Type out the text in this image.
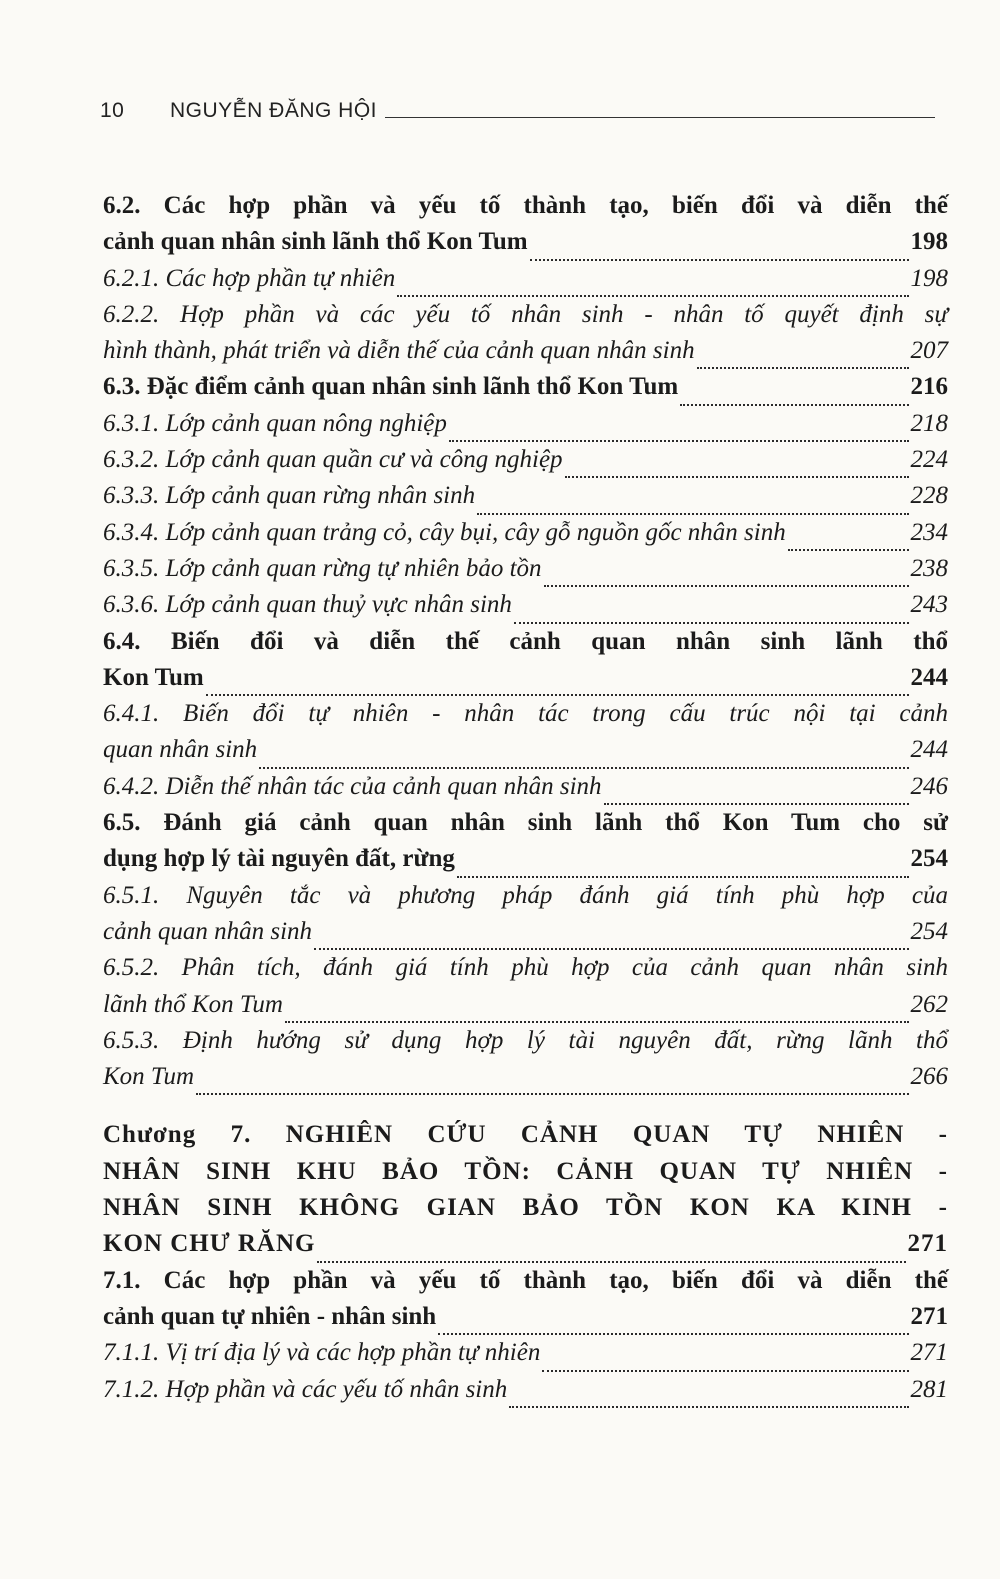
10	NGUYỄN ĐĂNG HỘI
6.2. Các hợp phần và yếu tố thành tạo, biến đổi và diễn thế
cảnh quan nhân sinh lãnh thổ Kon Tum	198
6.2.1. Các hợp phần tự nhiên	198
6.2.2. Hợp phần và các yếu tố nhân sinh - nhân tố quyết định sự
hình thành, phát triển và diễn thế của cảnh quan nhân sinh	207
6.3. Đặc điểm cảnh quan nhân sinh lãnh thổ Kon Tum	216
6.3.1. Lớp cảnh quan nông nghiệp	218
6.3.2. Lớp cảnh quan quần cư và công nghiệp	224
6.3.3. Lớp cảnh quan rừng nhân sinh	228
6.3.4. Lớp cảnh quan trảng cỏ, cây bụi, cây gỗ nguồn gốc nhân sinh	234
6.3.5. Lớp cảnh quan rừng tự nhiên bảo tồn	238
6.3.6. Lớp cảnh quan thuỷ vực nhân sinh	243
6.4. Biến đổi và diễn thế cảnh quan nhân sinh lãnh thổ
Kon Tum	244
6.4.1. Biến đổi tự nhiên - nhân tác trong cấu trúc nội tại cảnh
quan nhân sinh	244
6.4.2. Diễn thế nhân tác của cảnh quan nhân sinh	246
6.5. Đánh giá cảnh quan nhân sinh lãnh thổ Kon Tum cho sử
dụng hợp lý tài nguyên đất, rừng	254
6.5.1. Nguyên tắc và phương pháp đánh giá tính phù hợp của
cảnh quan nhân sinh	254
6.5.2. Phân tích, đánh giá tính phù hợp của cảnh quan nhân sinh
lãnh thổ Kon Tum	262
6.5.3. Định hướng sử dụng hợp lý tài nguyên đất, rừng lãnh thổ
Kon Tum	266
Chương 7. NGHIÊN CỨU CẢNH QUAN TỰ NHIÊN -
NHÂN SINH KHU BẢO TỒN: CẢNH QUAN TỰ NHIÊN -
NHÂN SINH KHÔNG GIAN BẢO TỒN KON KA KINH -
KON CHƯ RĂNG	271
7.1. Các hợp phần và yếu tố thành tạo, biến đổi và diễn thế
cảnh quan tự nhiên - nhân sinh	271
7.1.1. Vị trí địa lý và các hợp phần tự nhiên	271
7.1.2. Hợp phần và các yếu tố nhân sinh	281
